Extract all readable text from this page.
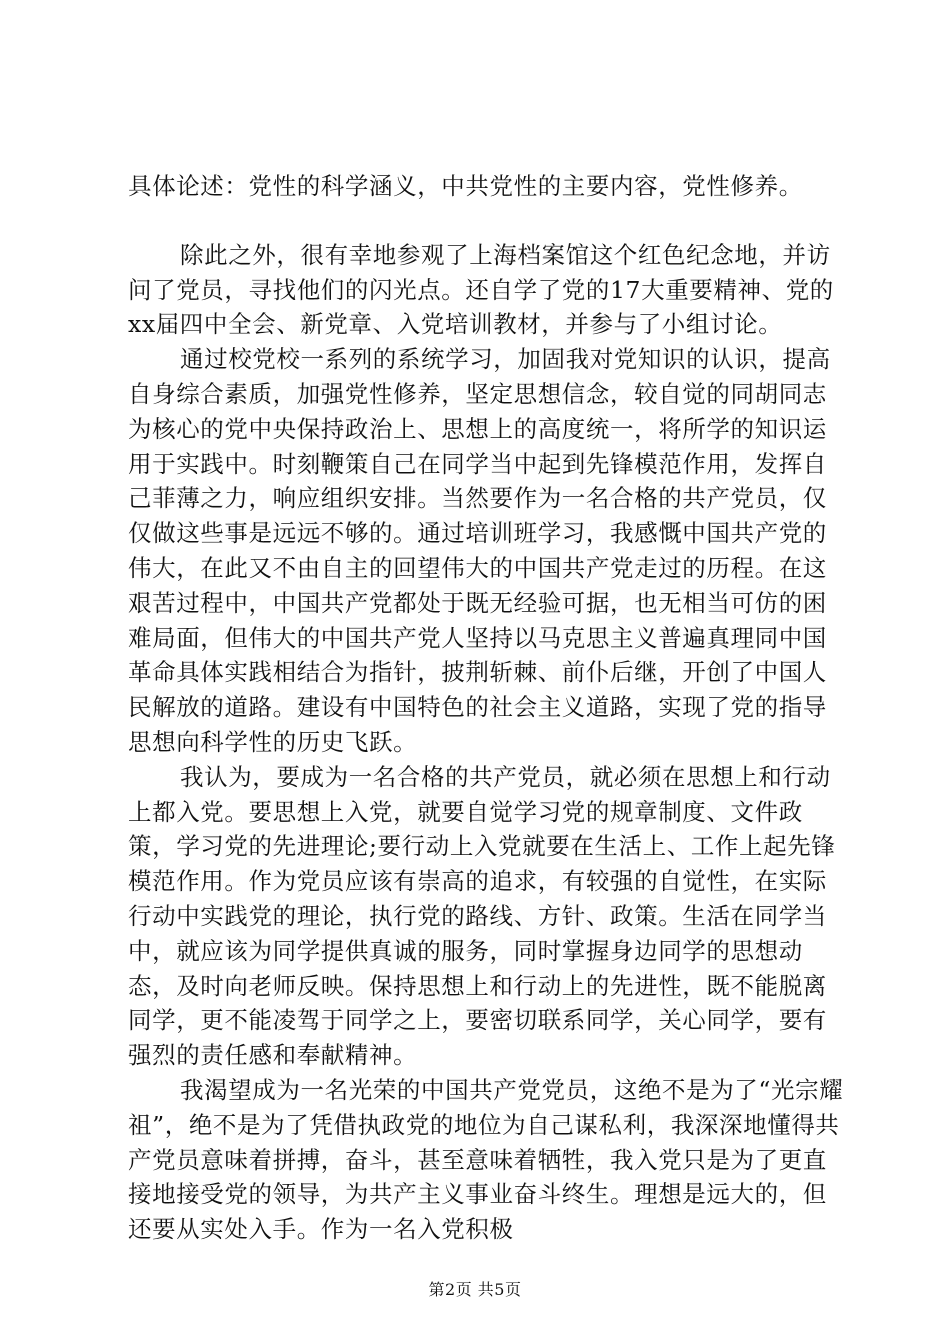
具体论述：党性的科学涵义，中共党性的主要内容，党性修养。

除此之外，很有幸地参观了上海档案馆这个红色纪念地，并访问了党员，寻找他们的闪光点。还自学了党的17大重要精神、党的xx届四中全会、新党章、入党培训教材，并参与了小组讨论。

通过校党校一系列的系统学习，加固我对党知识的认识，提高自身综合素质，加强党性修养，坚定思想信念，较自觉的同胡同志为核心的党中央保持政治上、思想上的高度统一，将所学的知识运用于实践中。时刻鞭策自己在同学当中起到先锋模范作用，发挥自己菲薄之力，响应组织安排。当然要作为一名合格的共产党员，仅仅做这些事是远远不够的。通过培训班学习，我感慨中国共产党的伟大，在此又不由自主的回望伟大的中国共产党走过的历程。在这艰苦过程中，中国共产党都处于既无经验可据，也无相当可仿的困难局面，但伟大的中国共产党人坚持以马克思主义普遍真理同中国革命具体实践相结合为指针，披荆斩棘、前仆后继，开创了中国人民解放的道路。建设有中国特色的社会主义道路，实现了党的指导思想向科学性的历史飞跃。

我认为，要成为一名合格的共产党员，就必须在思想上和行动上都入党。要思想上入党，就要自觉学习党的规章制度、文件政策，学习党的先进理论;要行动上入党就要在生活上、工作上起先锋模范作用。作为党员应该有崇高的追求，有较强的自觉性，在实际行动中实践党的理论，执行党的路线、方针、政策。生活在同学当中，就应该为同学提供真诚的服务，同时掌握身边同学的思想动态，及时向老师反映。保持思想上和行动上的先进性，既不能脱离同学，更不能凌驾于同学之上，要密切联系同学，关心同学，要有强烈的责任感和奉献精神。

我渴望成为一名光荣的中国共产党党员，这绝不是为了“光宗耀祖”，绝不是为了凭借执政党的地位为自己谋私利，我深深地懂得共产党员意味着拼搏，奋斗，甚至意味着牺牲，我入党只是为了更直接地接受党的领导，为共产主义事业奋斗终生。理想是远大的，但还要从实处入手。作为一名入党积极

第2页 共5页
